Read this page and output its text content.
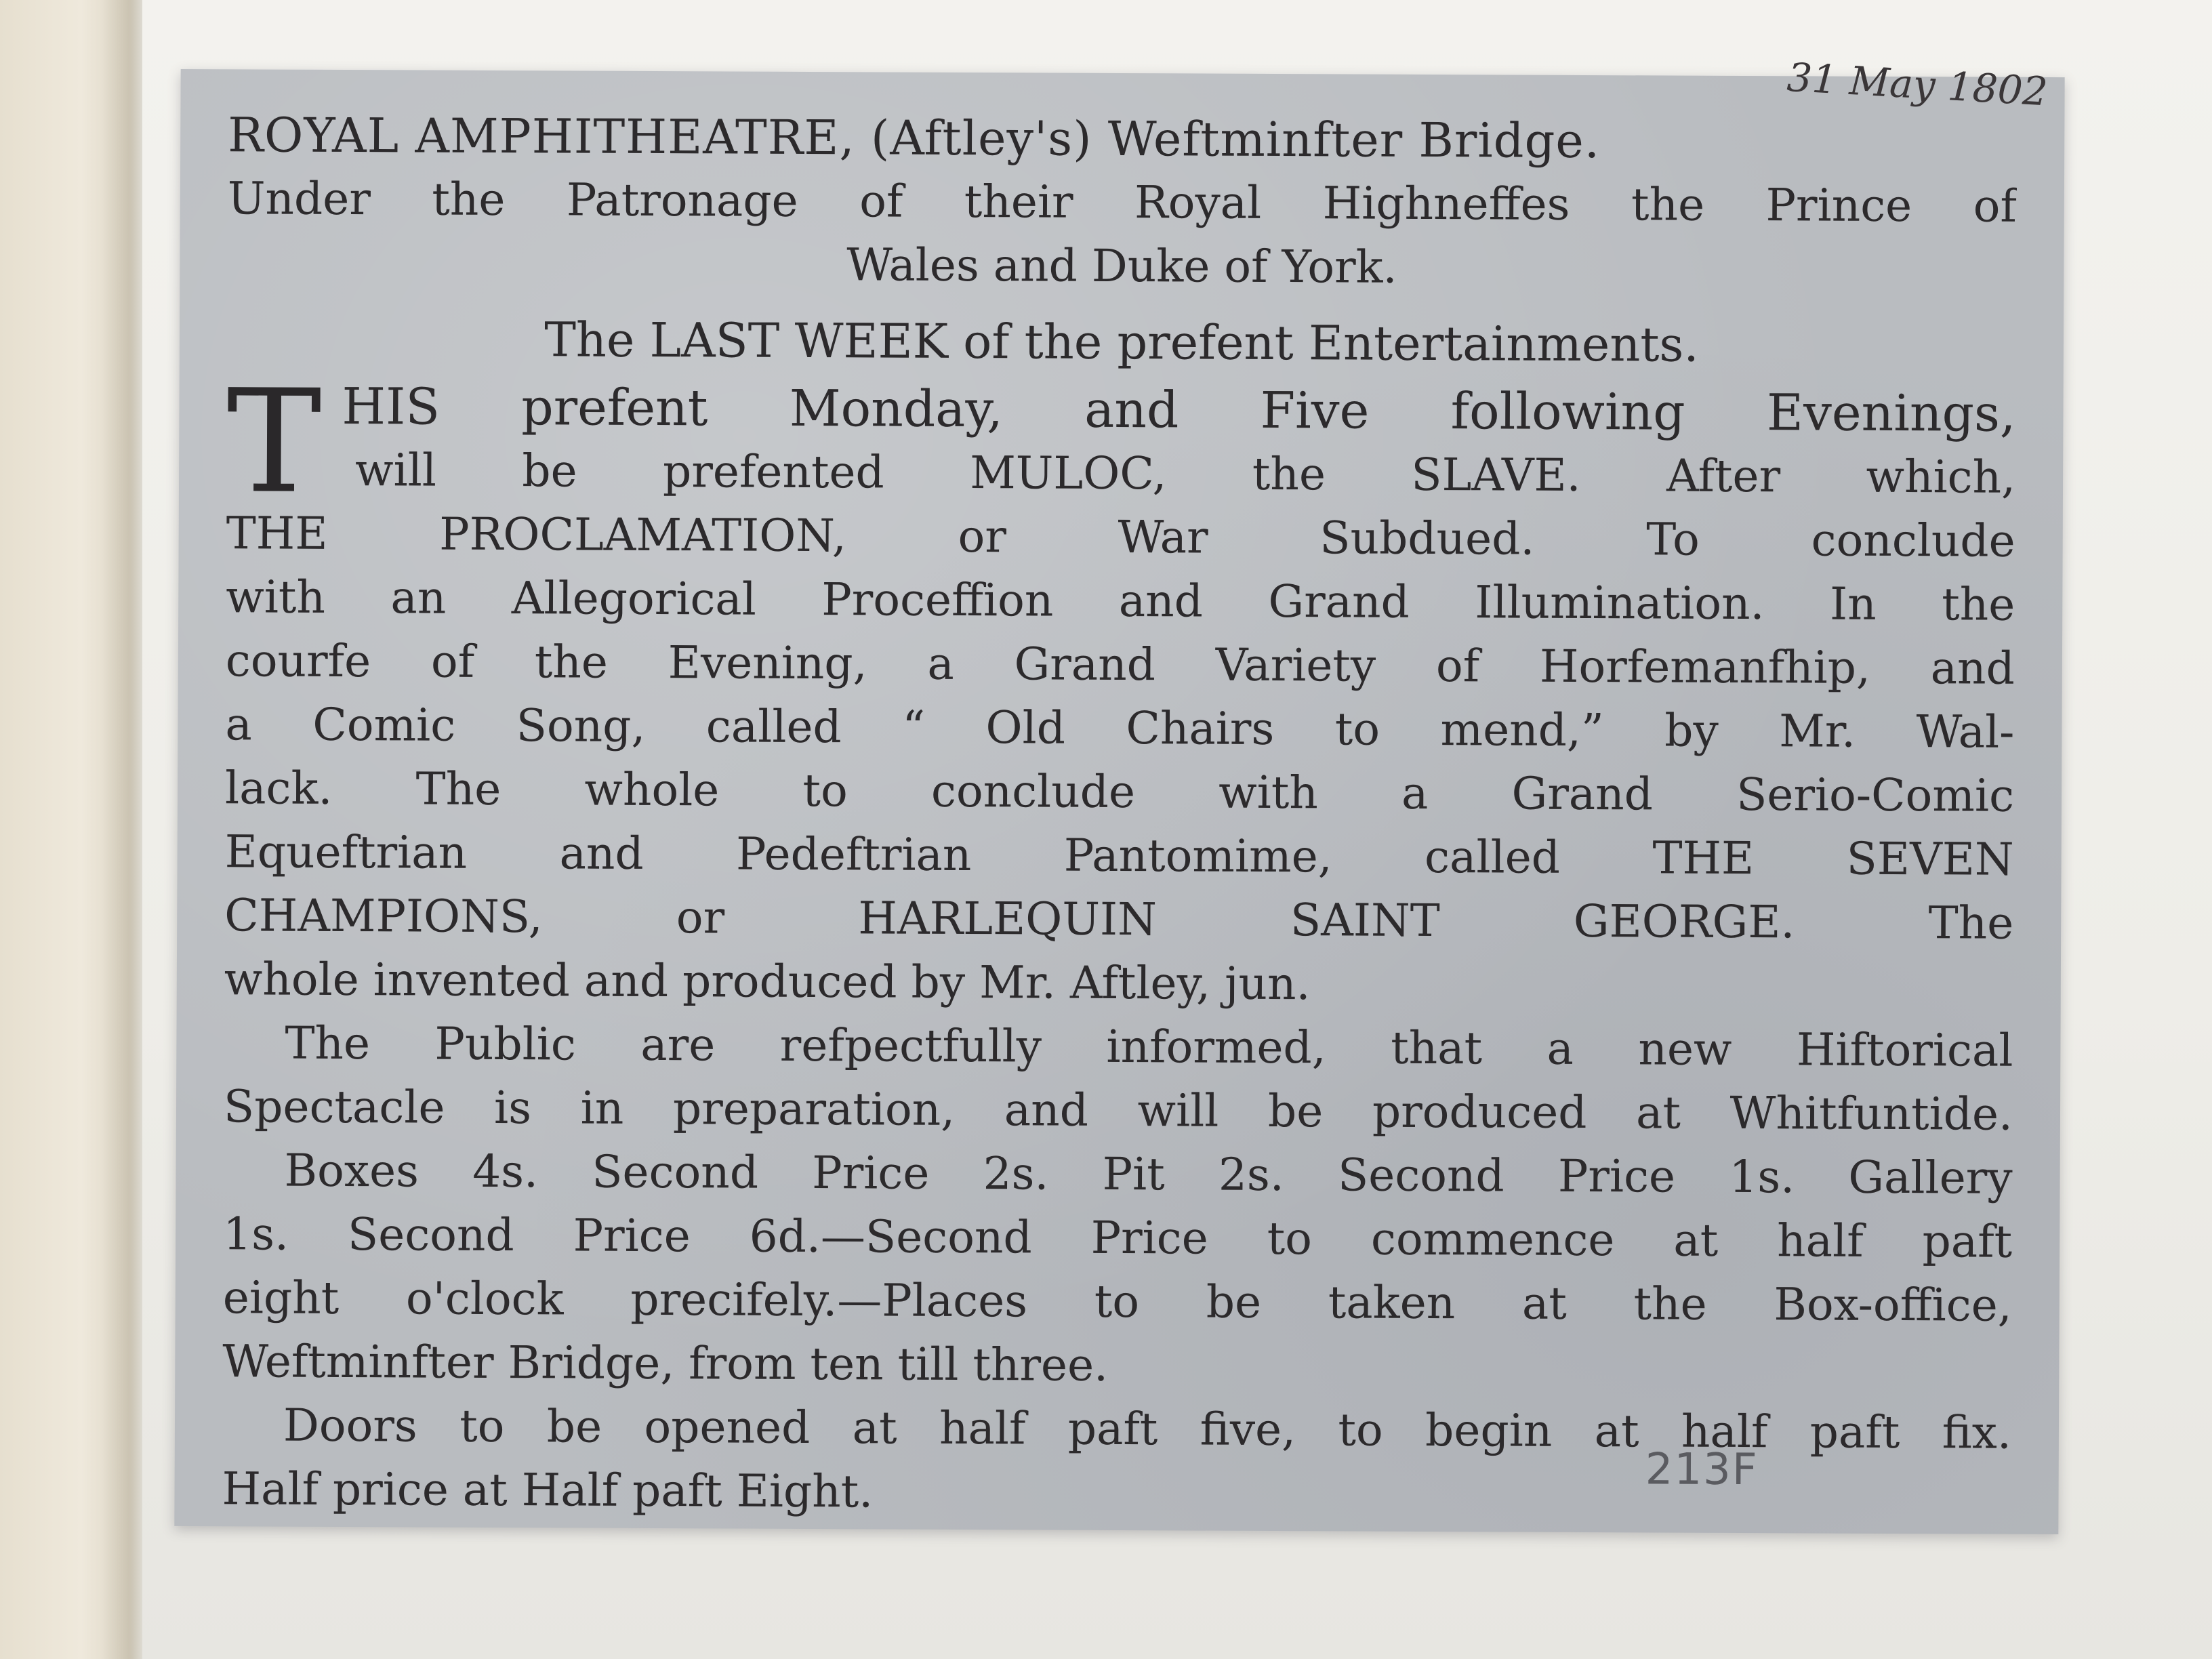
31 May 1802
ROYAL AMPHITHEATRE, (Aftley's) Weftminfter Bridge.
Under the Patronage of their Royal Highneffes the Prince of
Wales and Duke of York.
The LAST WEEK of the prefent Entertainments.
T HIS prefent Monday, and Five following Evenings,
will be prefented MULOC, the SLAVE. After which,
THE PROCLAMATION, or War Subdued. To conclude
with an Allegorical Proceffion and Grand Illumination. In the
courfe of the Evening, a Grand Variety of Horfemanfhip, and
a Comic Song, called “ Old Chairs to mend,” by Mr. Wal-
lack. The whole to conclude with a Grand Serio-Comic
Equeftrian and Pedeftrian Pantomime, called THE SEVEN
CHAMPIONS, or HARLEQUIN SAINT GEORGE. The
whole invented and produced by Mr. Aftley, jun.
The Public are refpectfully informed, that a new Hiftorical
Spectacle is in preparation, and will be produced at Whitfuntide.
Boxes 4s. Second Price 2s. Pit 2s. Second Price 1s. Gallery
1s. Second Price 6d.—Second Price to commence at half paft
eight o'clock precifely.—Places to be taken at the Box-office,
Weftminfter Bridge, from ten till three.
Doors to be opened at half paft five, to begin at half paft fix.
Half price at Half paft Eight.	213F
